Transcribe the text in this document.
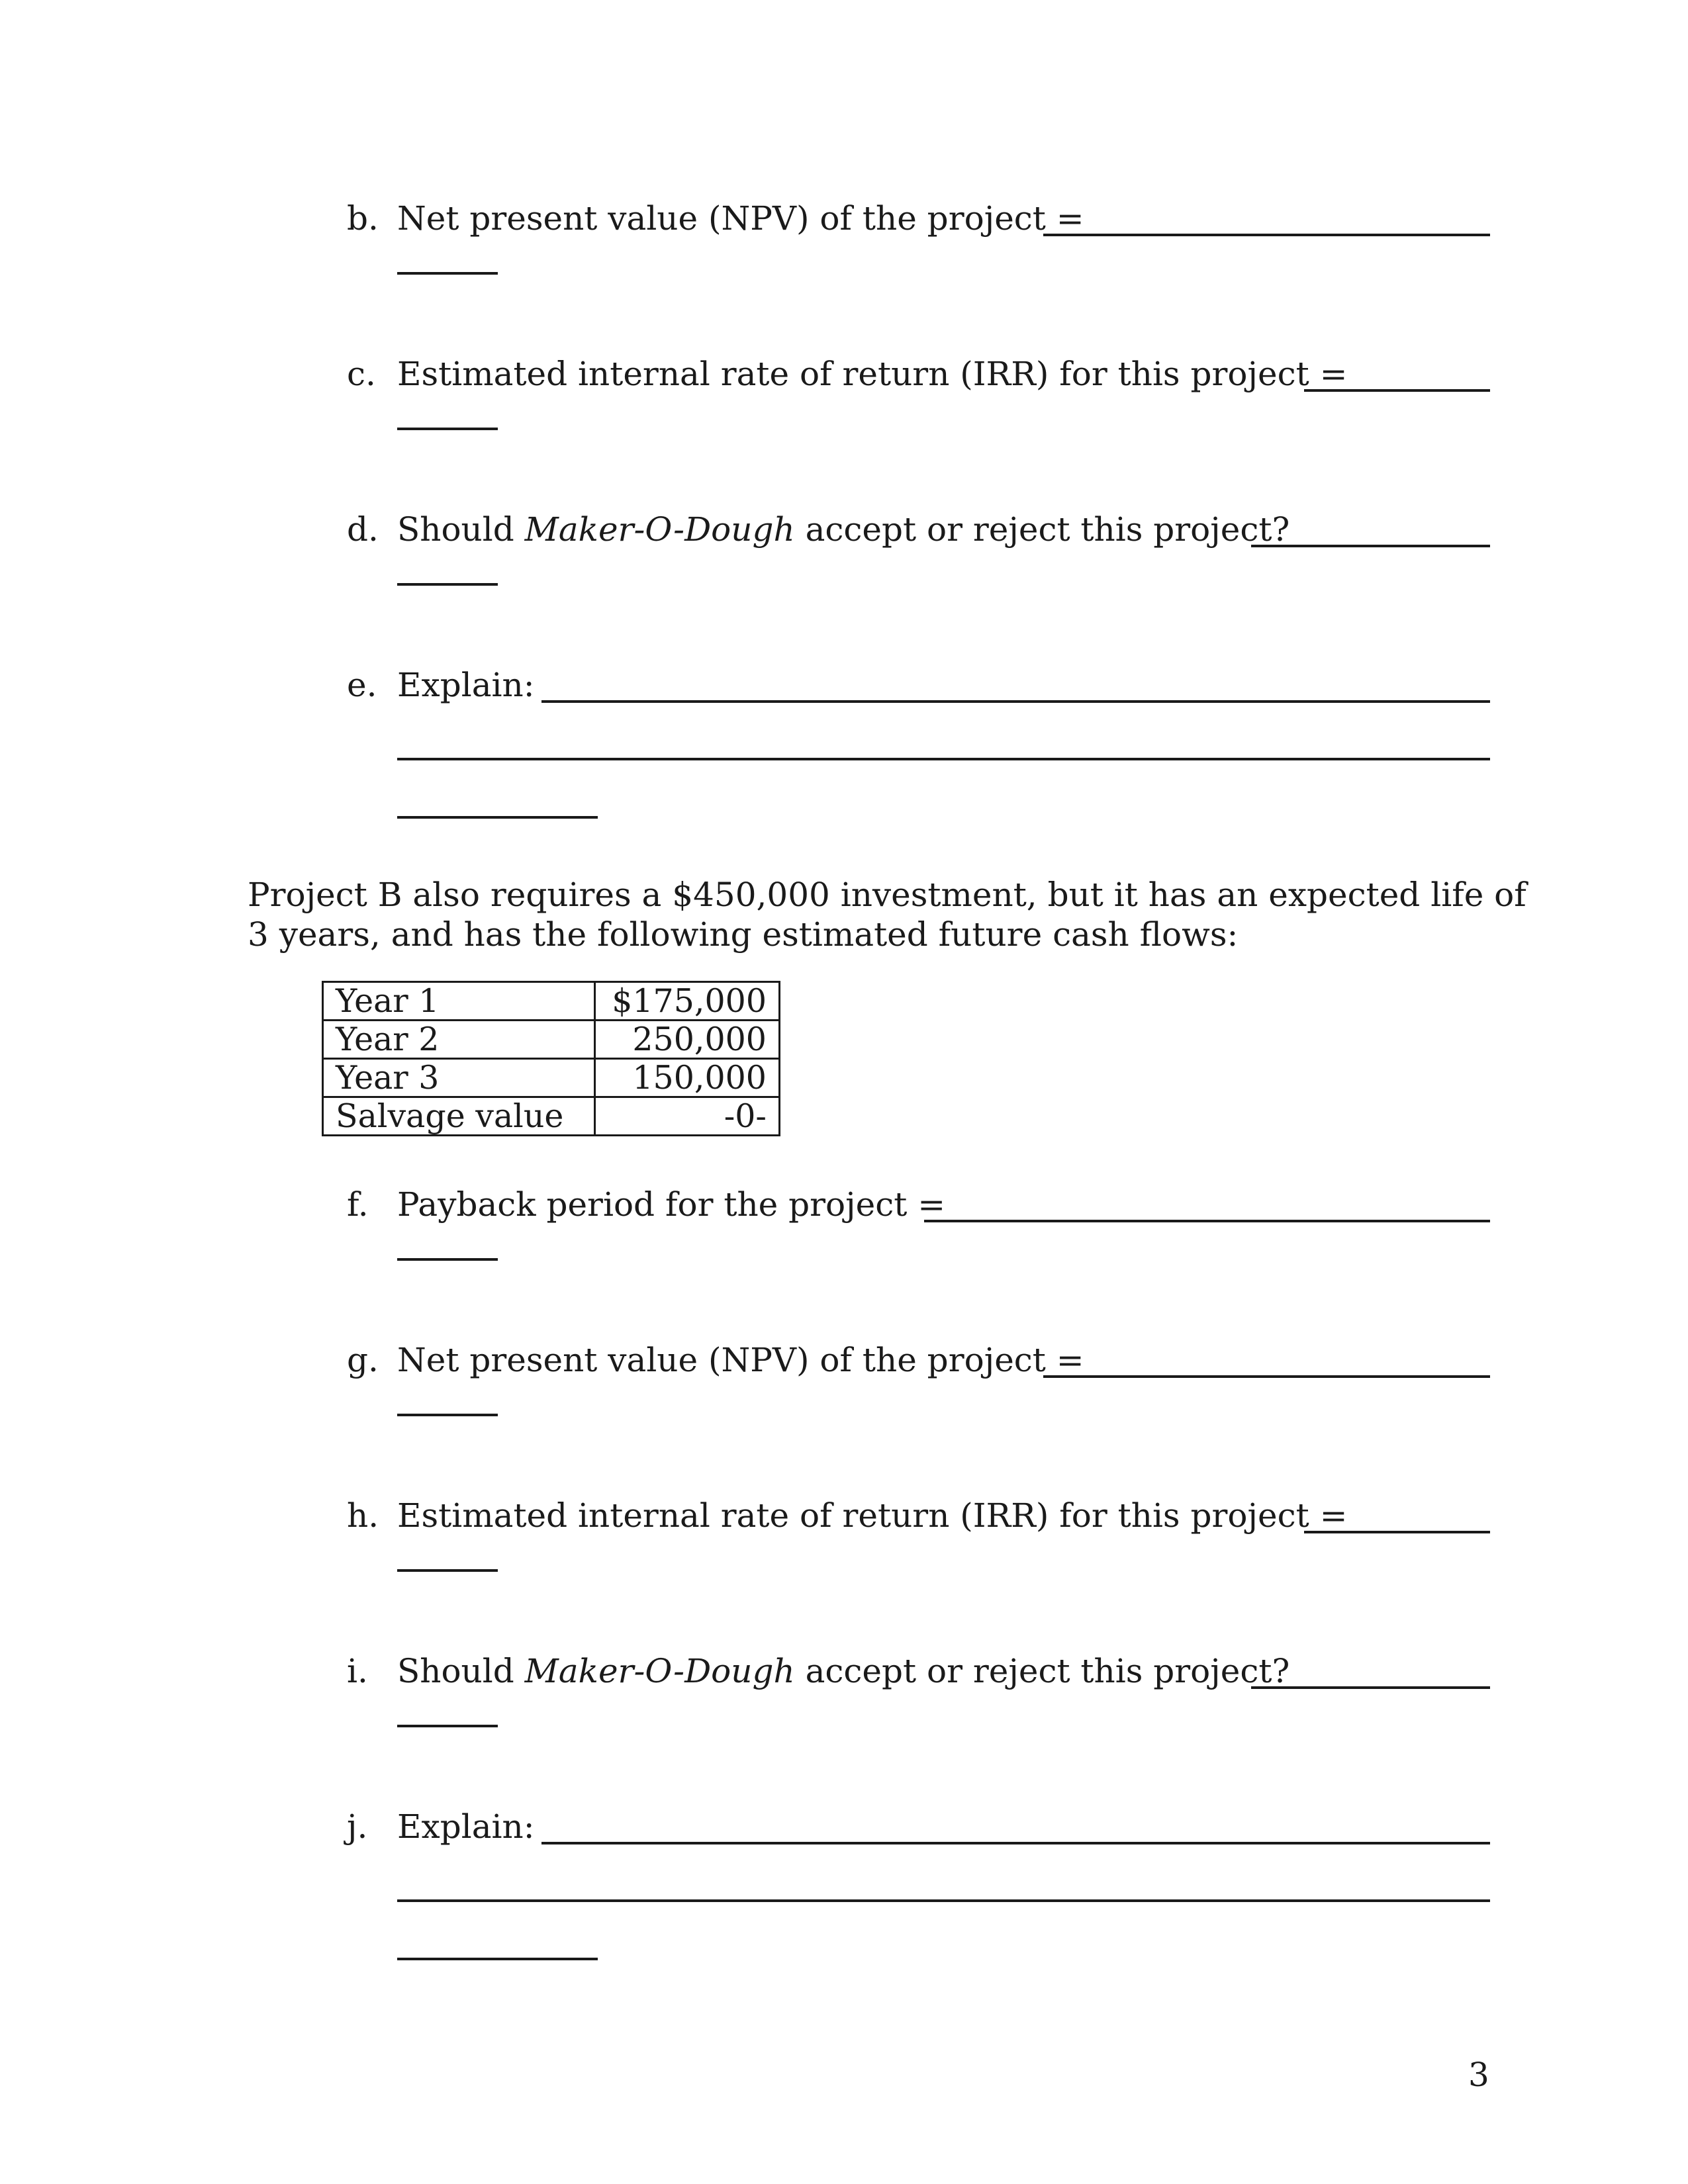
b. Net present value (NPV) of the project =
c. Estimated internal rate of return (IRR) for this project =
d. Should Maker-O-Dough accept or reject this project?
e. Explain:
Project B also requires a $450,000 investment, but it has an expected life of
3 years, and has the following estimated future cash flows:
Year 1	$175,000
Year 2	250,000
Year 3	150,000
Salvage value	-0-
f. Payback period for the project =
g. Net present value (NPV) of the project =
h. Estimated internal rate of return (IRR) for this project =
i. Should Maker-O-Dough accept or reject this project?
j. Explain:
3
